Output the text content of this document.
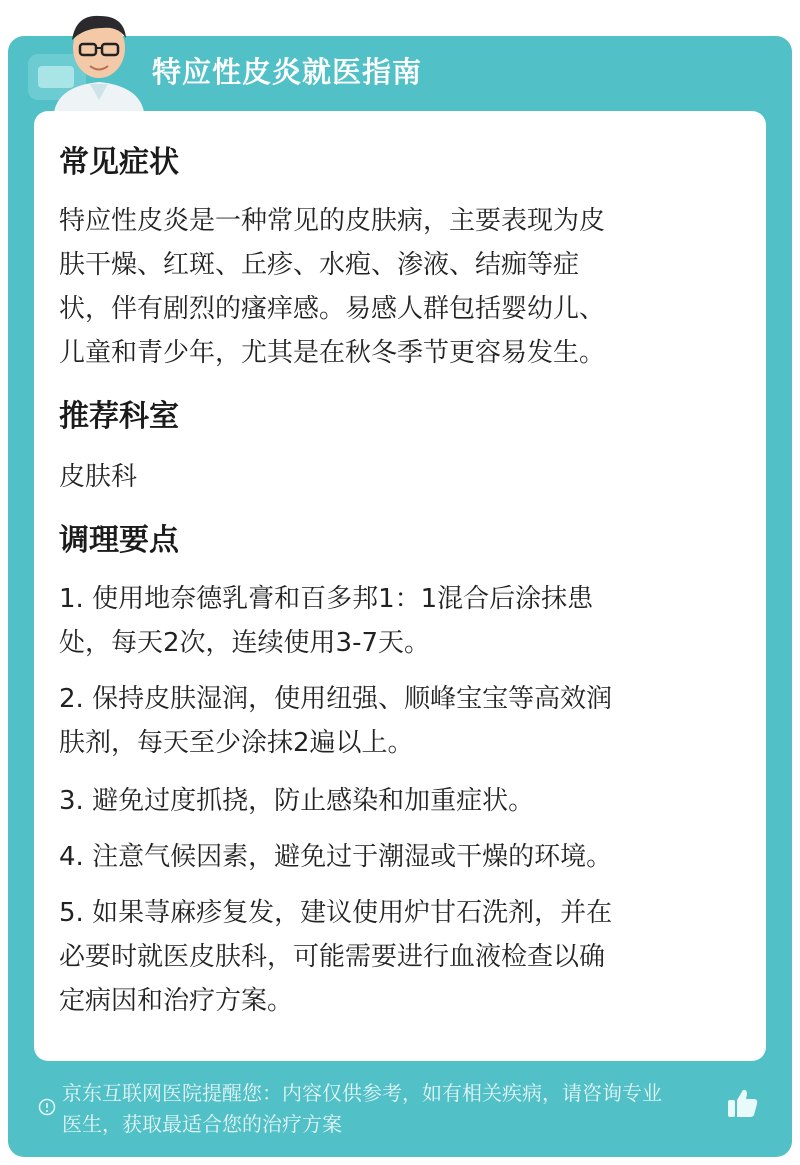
特应性皮炎就医指南
常见症状
特应性皮炎是一种常见的皮肤病，主要表现为皮
肤干燥、红斑、丘疹、水疱、渗液、结痂等症
状，伴有剧烈的瘙痒感。易感人群包括婴幼儿、
儿童和青少年，尤其是在秋冬季节更容易发生。
推荐科室
皮肤科
调理要点
1. 使用地奈德乳膏和百多邦1：1混合后涂抹患
处，每天2次，连续使用3-7天。
2. 保持皮肤湿润，使用纽强、顺峰宝宝等高效润
肤剂，每天至少涂抹2遍以上。
3. 避免过度抓挠，防止感染和加重症状。
4. 注意气候因素，避免过于潮湿或干燥的环境。
5. 如果荨麻疹复发，建议使用炉甘石洗剂，并在
必要时就医皮肤科，可能需要进行血液检查以确
定病因和治疗方案。
京东互联网医院提醒您：内容仅供参考，如有相关疾病，请咨询专业
医生，获取最适合您的治疗方案
